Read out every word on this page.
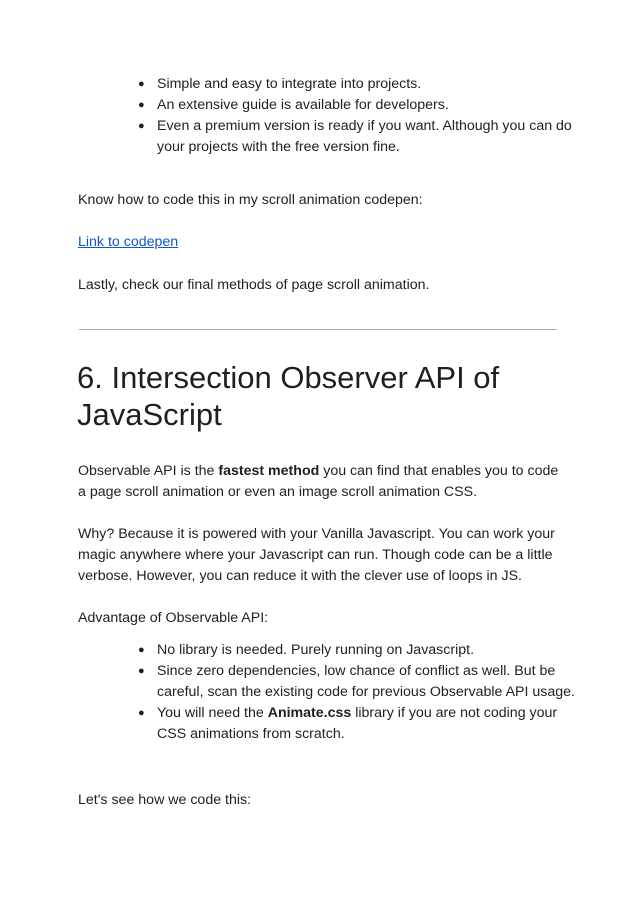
● Simple and easy to integrate into projects.
● An extensive guide is available for developers.
● Even a premium version is ready if you want. Although you can do your projects with the free version fine.
Know how to code this in my scroll animation codepen:
Link to codepen
Lastly, check our final methods of page scroll animation.
6. Intersection Observer API of JavaScript
Observable API is the fastest method you can find that enables you to code a page scroll animation or even an image scroll animation CSS.
Why? Because it is powered with your Vanilla Javascript. You can work your magic anywhere where your Javascript can run. Though code can be a little verbose. However, you can reduce it with the clever use of loops in JS.
Advantage of Observable API:
● No library is needed. Purely running on Javascript.
● Since zero dependencies, low chance of conflict as well. But be careful, scan the existing code for previous Observable API usage.
● You will need the Animate.css library if you are not coding your CSS animations from scratch.
Let's see how we code this:
